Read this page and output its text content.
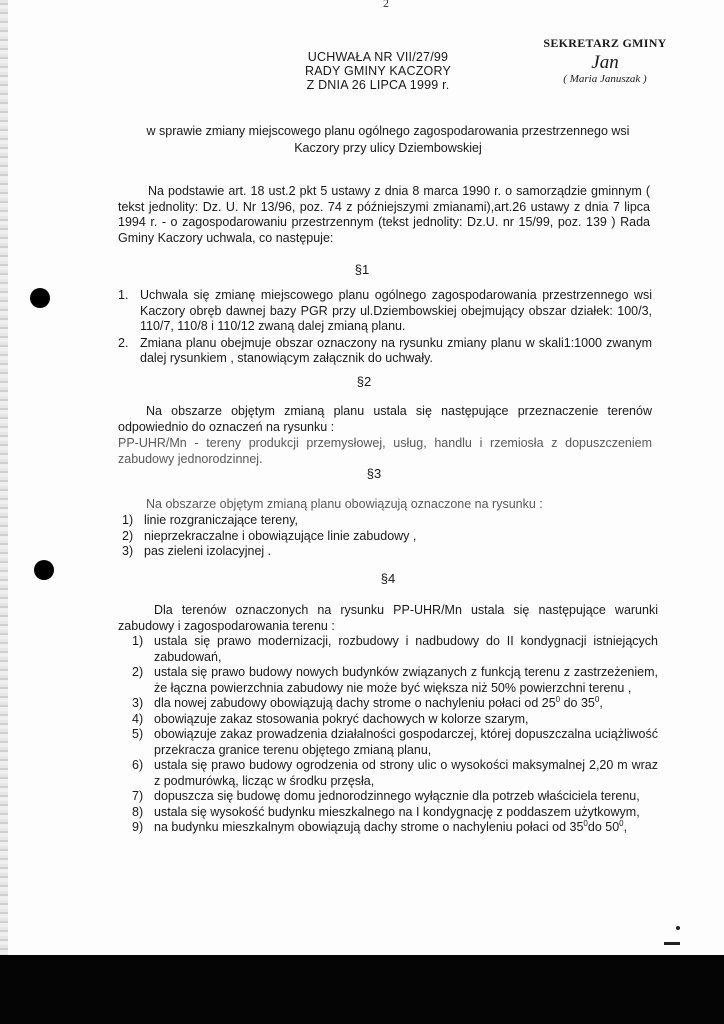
2
UCHWAŁA NR VII/27/99
RADY GMINY KACZORY
Z DNIA 26 LIPCA 1999 r.
SEKRETARZ GMINY
Jan
( Maria Januszak )
w sprawie zmiany miejscowego planu ogólnego zagospodarowania przestrzennego wsi Kaczory przy ulicy Dziembowskiej
Na podstawie art. 18 ust.2 pkt 5 ustawy z dnia 8 marca 1990 r. o samorządzie gminnym ( tekst jednolity: Dz. U. Nr 13/96, poz. 74 z późniejszymi zmianami),art.26 ustawy z dnia 7 lipca 1994 r. - o zagospodarowaniu przestrzennym (tekst jednolity: Dz.U. nr 15/99, poz. 139 ) Rada Gminy Kaczory uchwala, co następuje:
§1
1. Uchwala się zmianę miejscowego planu ogólnego zagospodarowania przestrzennego wsi Kaczory obręb dawnej bazy PGR przy ul.Dziembowskiej obejmujący obszar działek: 100/3, 110/7, 110/8 i 110/12 zwaną dalej zmianą planu.
2. Zmiana planu obejmuje obszar oznaczony na rysunku zmiany planu w skali1:1000 zwanym dalej rysunkiem , stanowiącym załącznik do uchwały.
§2
Na obszarze objętym zmianą planu ustala się następujące przeznaczenie terenów odpowiednio do oznaczeń na rysunku :
PP-UHR/Mn - tereny produkcji przemysłowej, usług, handlu i rzemiosła z dopuszczeniem zabudowy jednorodzinnej.
§3
Na obszarze objętym zmianą planu obowiązują oznaczone na rysunku :
1) linie rozgraniczające tereny,
2) nieprzekraczalne i obowiązujące linie zabudowy ,
3) pas zieleni izolacyjnej .
§4
Dla terenów oznaczonych na rysunku PP-UHR/Mn ustala się następujące warunki zabudowy i zagospodarowania terenu :
1) ustala się prawo modernizacji, rozbudowy i nadbudowy do II kondygnacji istniejących zabudowań,
2) ustala się prawo budowy nowych budynków związanych z funkcją terenu z zastrzeżeniem, że łączna powierzchnia zabudowy nie może być większa niż 50% powierzchni terenu ,
3) dla nowej zabudowy obowiązują dachy strome o nachyleniu połaci od $25^0$ do $35^0$,
4) obowiązuje zakaz stosowania pokryć dachowych w kolorze szarym,
5) obowiązuje zakaz prowadzenia działalności gospodarczej, której dopuszczalna uciążliwość przekracza granice terenu objętego zmianą planu,
6) ustala się prawo budowy ogrodzenia od strony ulic o wysokości maksymalnej 2,20 m wraz z podmurówką, licząc w środku przęsła,
7) dopuszcza się budowę domu jednorodzinnego wyłącznie dla potrzeb właściciela terenu,
8) ustala się wysokość budynku mieszkalnego na I kondygnację z poddaszem użytkowym,
9) na budynku mieszkalnym obowiązują dachy strome o nachyleniu połaci od $35^0do$ $50^0$,
